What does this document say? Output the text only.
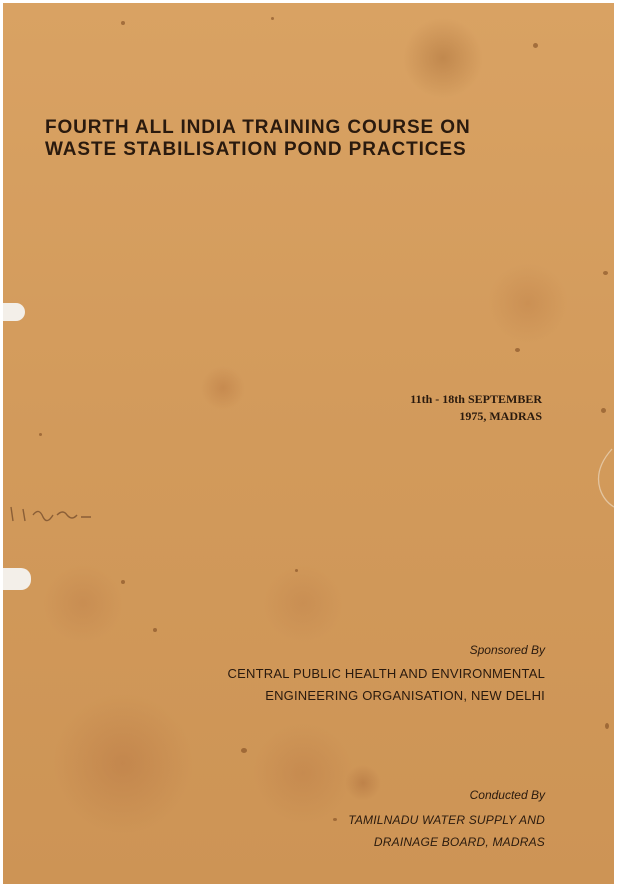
FOURTH ALL INDIA TRAINING COURSE ON
WASTE STABILISATION POND PRACTICES
11th - 18th SEPTEMBER
1975, MADRAS
Sponsored By
CENTRAL PUBLIC HEALTH AND ENVIRONMENTAL
ENGINEERING ORGANISATION, NEW DELHI
Conducted By
TAMILNADU WATER SUPPLY AND
DRAINAGE BOARD, MADRAS
